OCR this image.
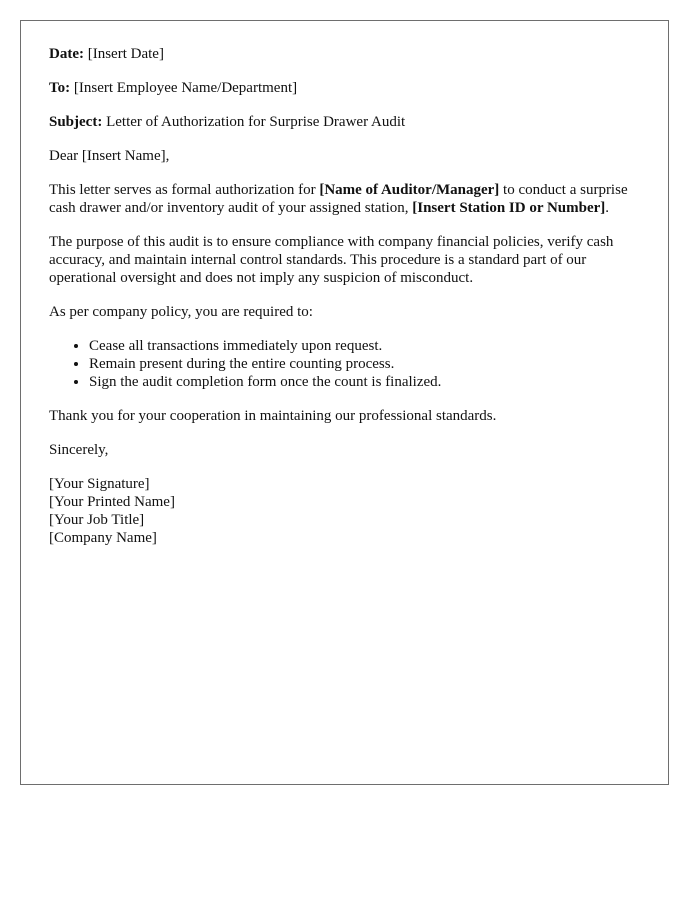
Date: [Insert Date]

To: [Insert Employee Name/Department]

Subject: Letter of Authorization for Surprise Drawer Audit

Dear [Insert Name],

This letter serves as formal authorization for [Name of Auditor/Manager] to conduct a surprise cash drawer and/or inventory audit of your assigned station, [Insert Station ID or Number].

The purpose of this audit is to ensure compliance with company financial policies, verify cash accuracy, and maintain internal control standards. This procedure is a standard part of our operational oversight and does not imply any suspicion of misconduct.

As per company policy, you are required to:

• Cease all transactions immediately upon request.
• Remain present during the entire counting process.
• Sign the audit completion form once the count is finalized.

Thank you for your cooperation in maintaining our professional standards.

Sincerely,

[Your Signature]
[Your Printed Name]
[Your Job Title]
[Company Name]
